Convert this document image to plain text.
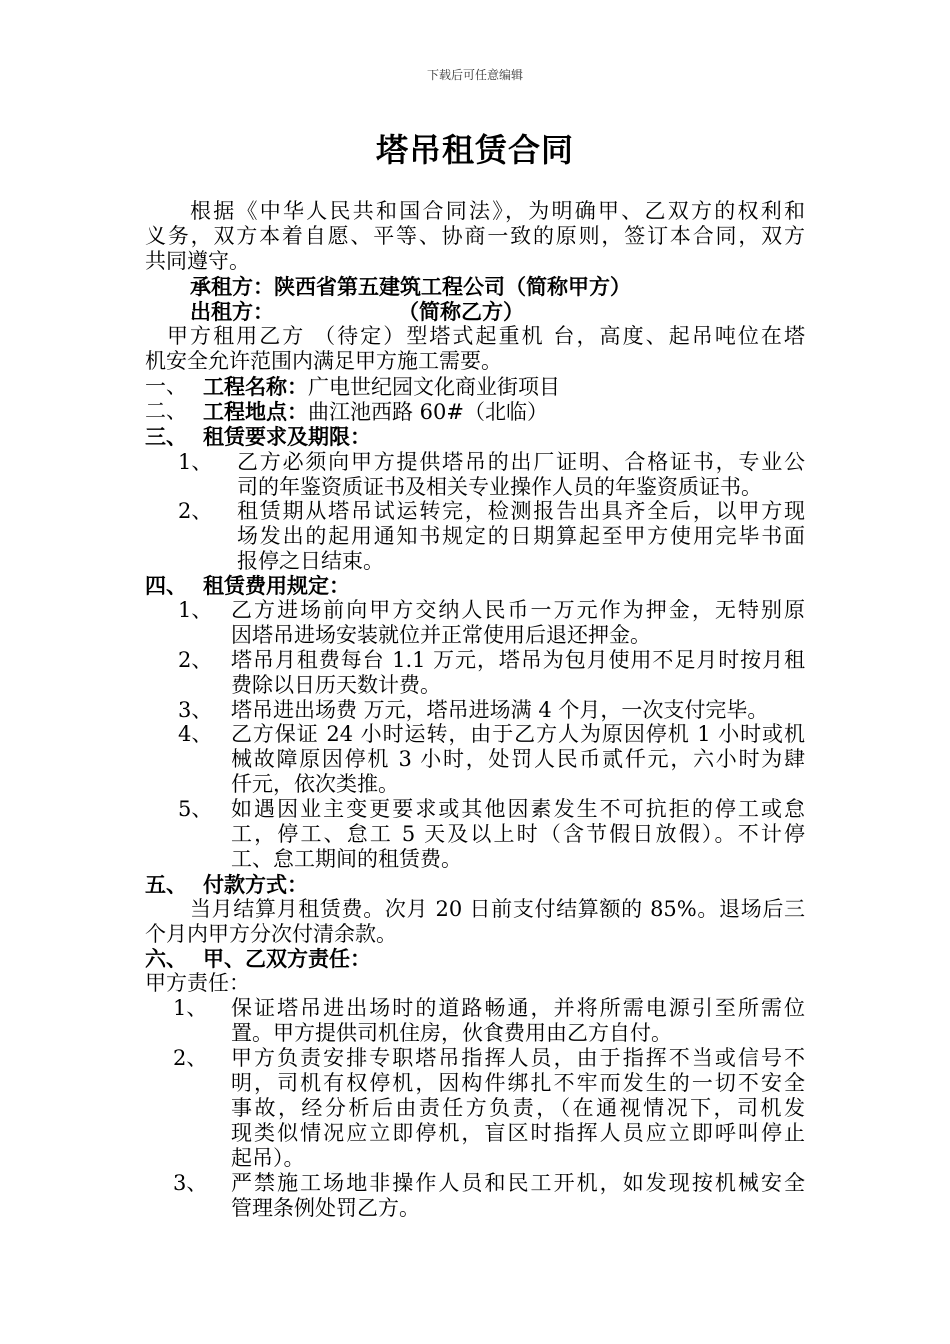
下载后可任意编辑
塔吊租赁合同
根据《中华人民共和国合同法》，为明确甲、乙双方的权利和
义务，双方本着自愿、平等、协商一致的原则，签订本合同，双方
共同遵守。
承租方：陕西省第五建筑工程公司（简称甲方）
出租方：	（简称乙方）
甲方租用乙方 （待定）型塔式起重机 台，高度、起吊吨位在塔
机安全允许范围内满足甲方施工需要。
一、 工程名称：广电世纪园文化商业街项目
二、 工程地点：曲江池西路 60#（北临）
三、 租赁要求及期限：
1、 乙方必须向甲方提供塔吊的出厂证明、合格证书，专业公
司的年鉴资质证书及相关专业操作人员的年鉴资质证书。
2、 租赁期从塔吊试运转完，检测报告出具齐全后，以甲方现
场发出的起用通知书规定的日期算起至甲方使用完毕书面
报停之日结束。
四、 租赁费用规定：
1、 乙方进场前向甲方交纳人民币一万元作为押金，无特别原
因塔吊进场安装就位并正常使用后退还押金。
2、 塔吊月租费每台 1.1 万元，塔吊为包月使用不足月时按月租
费除以日历天数计费。
3、 塔吊进出场费 万元，塔吊进场满 4 个月，一次支付完毕。
4、 乙方保证 24 小时运转，由于乙方人为原因停机 1 小时或机
械故障原因停机 3 小时，处罚人民币贰仟元，六小时为肆
仟元，依次类推。
5、 如遇因业主变更要求或其他因素发生不可抗拒的停工或怠
工，停工、怠工 5 天及以上时（含节假日放假）。不计停
工、怠工期间的租赁费。
五、 付款方式：
当月结算月租赁费。次月 20 日前支付结算额的 85%。退场后三
个月内甲方分次付清余款。
六、 甲、乙双方责任：
甲方责任：
1、 保证塔吊进出场时的道路畅通，并将所需电源引至所需位
置。甲方提供司机住房，伙食费用由乙方自付。
2、 甲方负责安排专职塔吊指挥人员，由于指挥不当或信号不
明，司机有权停机，因构件绑扎不牢而发生的一切不安全
事故，经分析后由责任方负责，（在通视情况下，司机发
现类似情况应立即停机，盲区时指挥人员应立即呼叫停止
起吊）。
3、 严禁施工场地非操作人员和民工开机，如发现按机械安全
管理条例处罚乙方。
